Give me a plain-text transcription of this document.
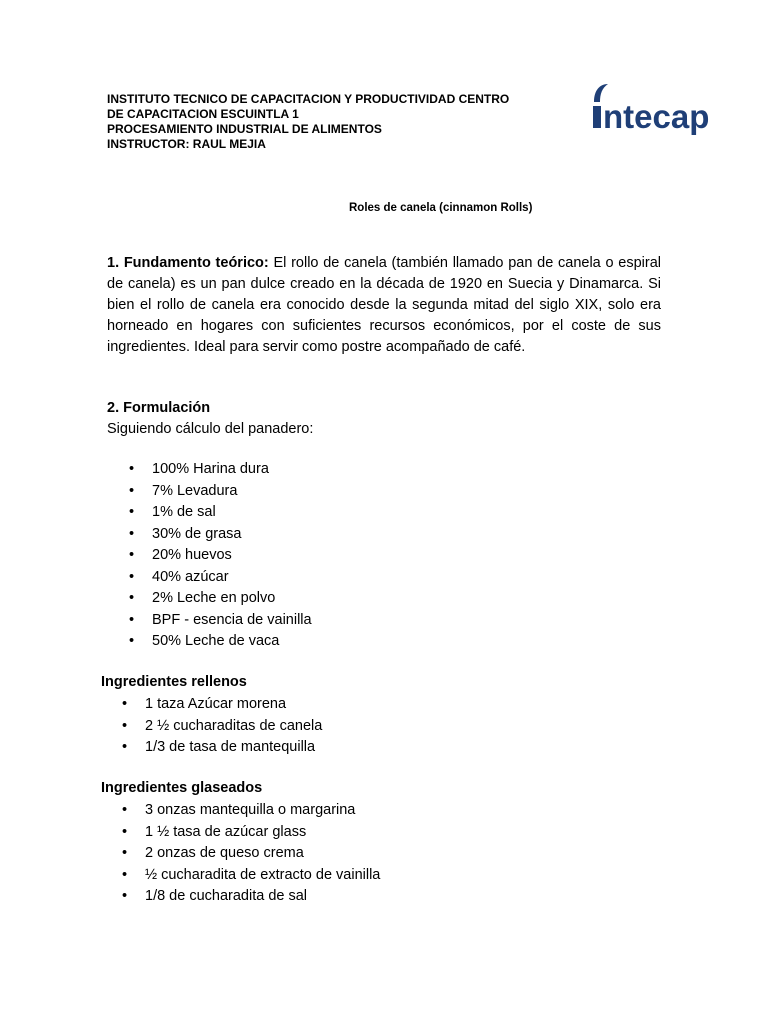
INSTITUTO TECNICO DE CAPACITACION Y PRODUCTIVIDAD CENTRO
DE CAPACITACION ESCUINTLA 1
PROCESAMIENTO INDUSTRIAL DE ALIMENTOS
INSTRUCTOR: RAUL MEJIA
ntecap
Roles de canela (cinnamon Rolls)
1. Fundamento teórico: El rollo de canela (también llamado pan de canela o espiral de canela) es un pan dulce creado en la década de 1920 en Suecia y Dinamarca. Si bien el rollo de canela era conocido desde la segunda mitad del siglo XIX, solo era horneado en hogares con suficientes recursos económicos, por el coste de sus ingredientes. Ideal para servir como postre acompañado de café.
2. Formulación
Siguiendo cálculo del panadero:
• 100% Harina dura
• 7% Levadura
• 1% de sal
• 30% de grasa
• 20% huevos
• 40% azúcar
• 2% Leche en polvo
• BPF - esencia de vainilla
• 50% Leche de vaca
Ingredientes rellenos
• 1 taza Azúcar morena
• 2 ½ cucharaditas de canela
• 1/3 de tasa de mantequilla
Ingredientes glaseados
• 3 onzas mantequilla o margarina
• 1 ½ tasa de azúcar glass
• 2 onzas de queso crema
• ½ cucharadita de extracto de vainilla
• 1/8 de cucharadita de sal
